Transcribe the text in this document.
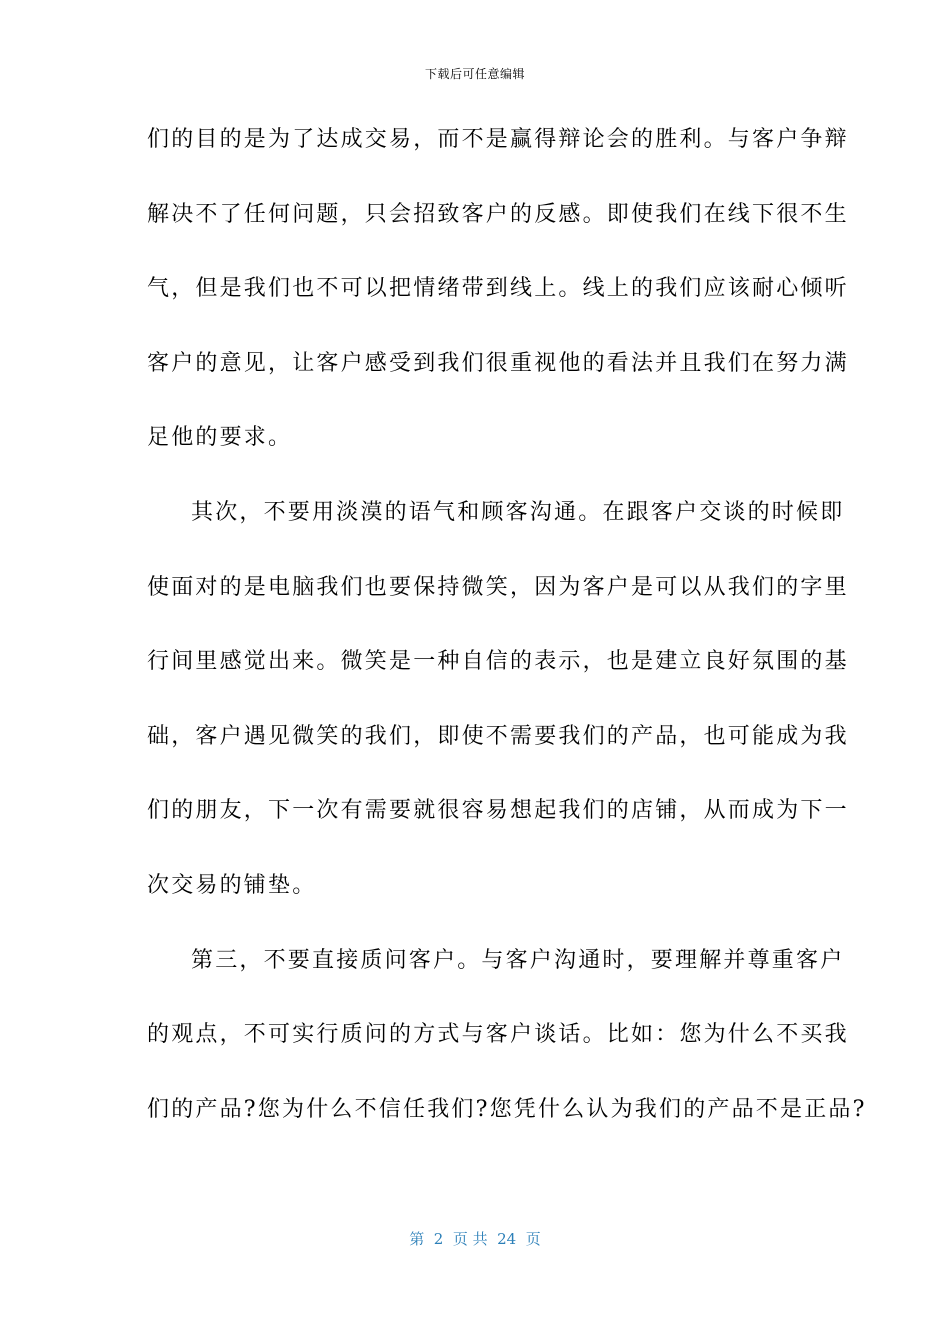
下载后可任意编辑
们的目的是为了达成交易，而不是赢得辩论会的胜利。与客户争辩
解决不了任何问题，只会招致客户的反感。即使我们在线下很不生
气，但是我们也不可以把情绪带到线上。线上的我们应该耐心倾听
客户的意见，让客户感受到我们很重视他的看法并且我们在努力满
足他的要求。
其次，不要用淡漠的语气和顾客沟通。在跟客户交谈的时候即
使面对的是电脑我们也要保持微笑，因为客户是可以从我们的字里
行间里感觉出来。微笑是一种自信的表示，也是建立良好氛围的基
础，客户遇见微笑的我们，即使不需要我们的产品，也可能成为我
们的朋友，下一次有需要就很容易想起我们的店铺，从而成为下一
次交易的铺垫。
第三，不要直接质问客户。与客户沟通时，要理解并尊重客户
的观点，不可实行质问的方式与客户谈话。比如：您为什么不买我
们的产品?您为什么不信任我们?您凭什么认为我们的产品不是正品?
第  2  页 共  24  页
